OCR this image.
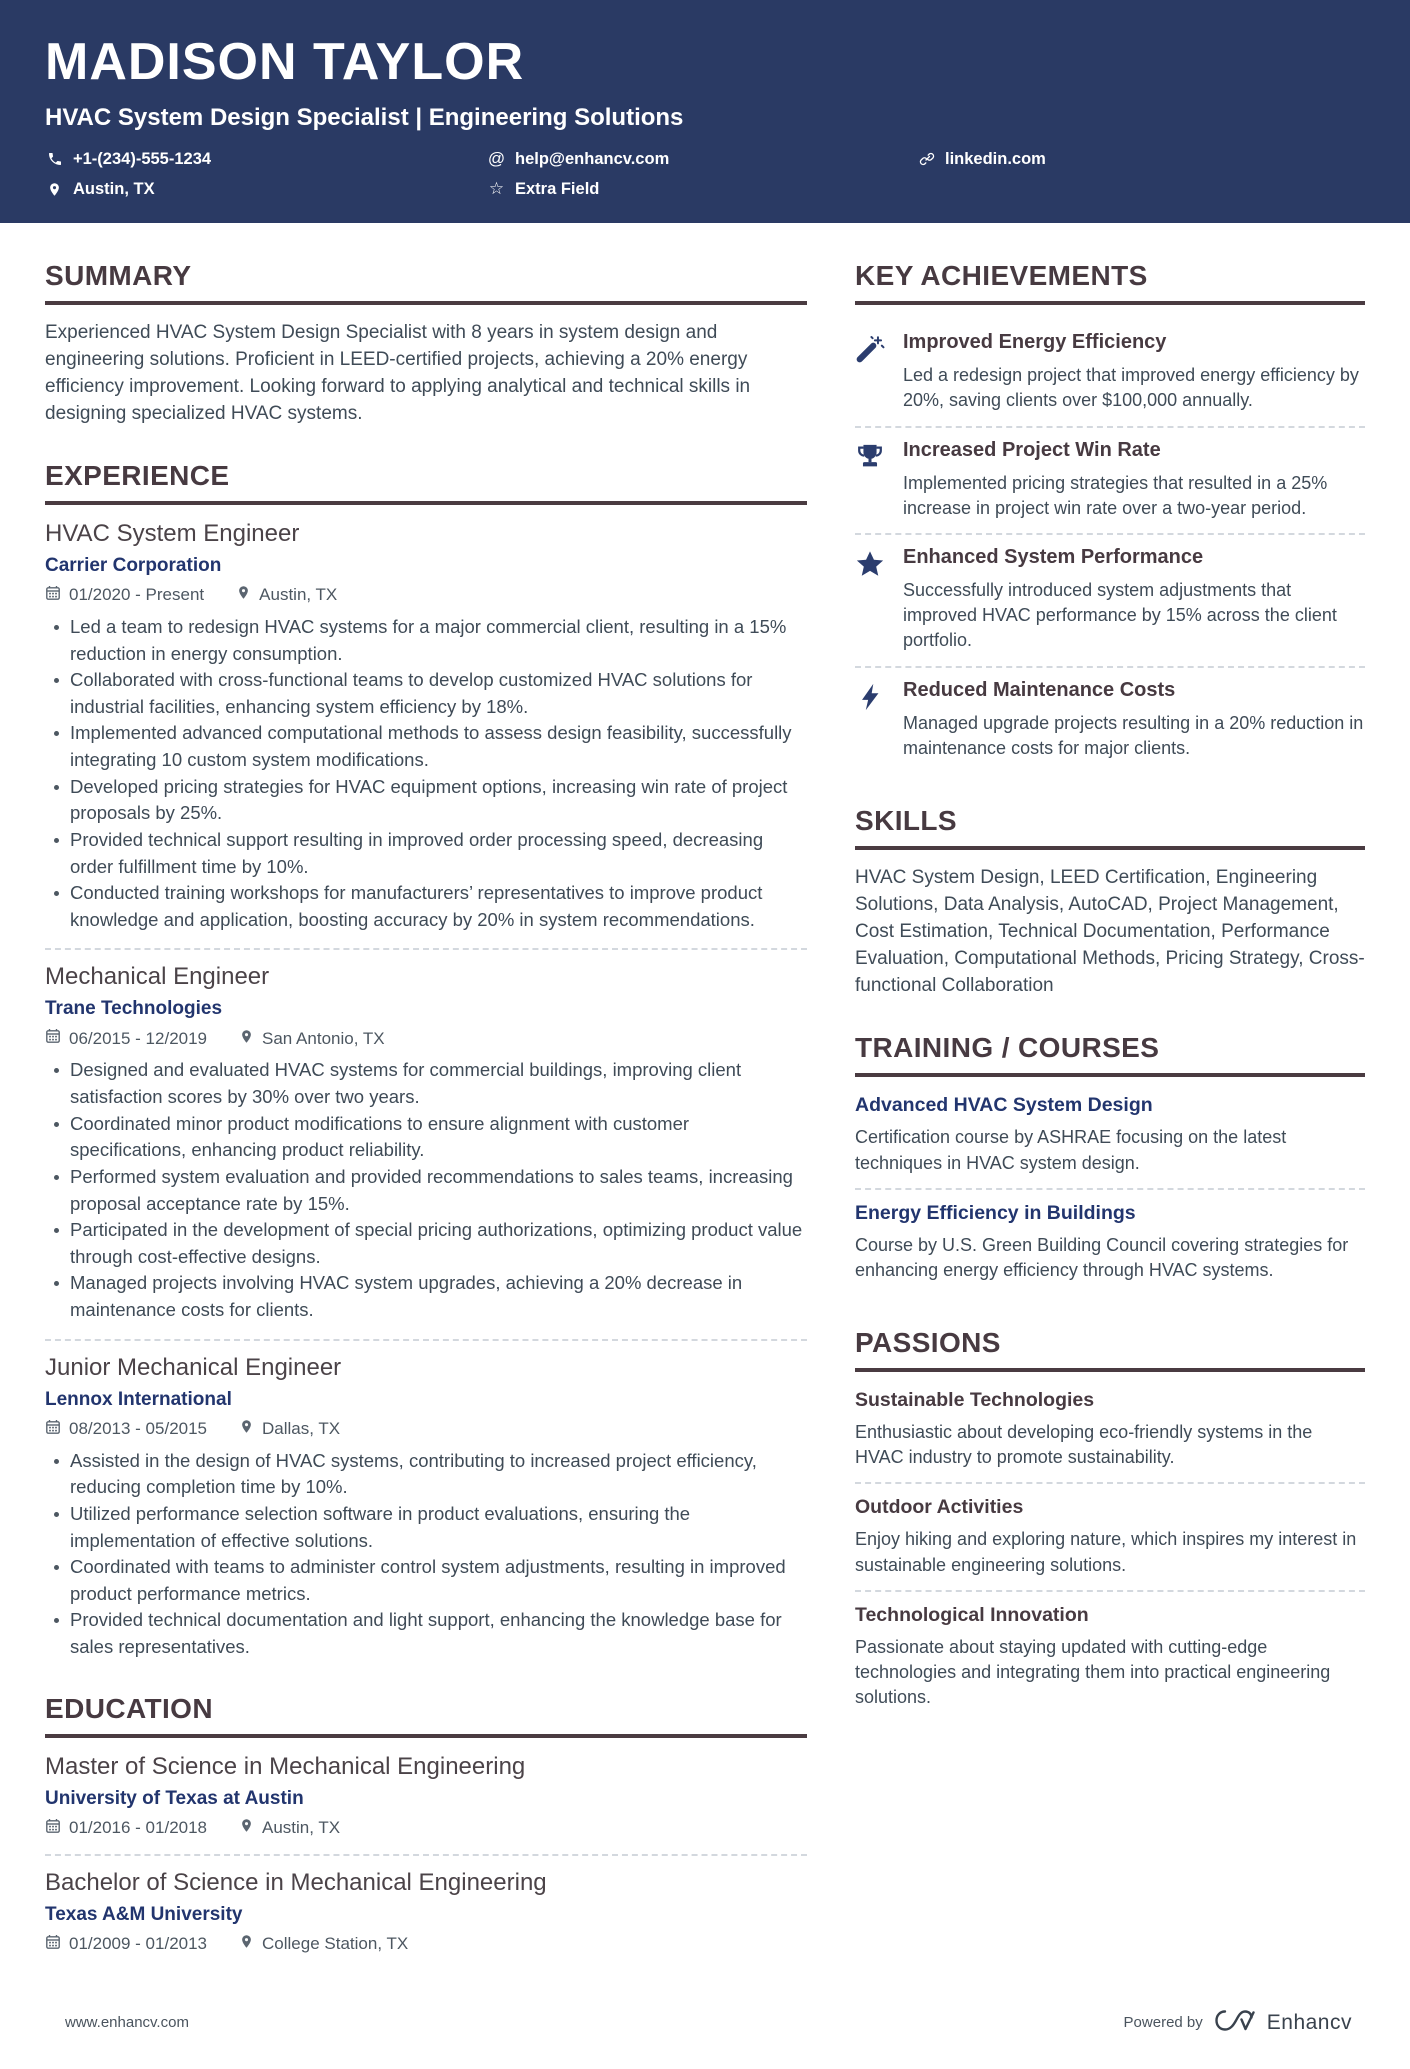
MADISON TAYLOR
HVAC System Design Specialist | Engineering Solutions
+1-(234)-555-1234	@ help@enhancv.com	linkedin.com
Austin, TX	☆ Extra Field
SUMMARY

Experienced HVAC System Design Specialist with 8 years in system design and engineering solutions. Proficient in LEED-certified projects, achieving a 20% energy efficiency improvement. Looking forward to applying analytical and technical skills in designing specialized HVAC systems.

EXPERIENCE
HVAC System Engineer
Carrier Corporation
01/2020 - Present	Austin, TX
Led a team to redesign HVAC systems for a major commercial client, resulting in a 15% reduction in energy consumption.
Collaborated with cross-functional teams to develop customized HVAC solutions for industrial facilities, enhancing system efficiency by 18%.
Implemented advanced computational methods to assess design feasibility, successfully integrating 10 custom system modifications.
Developed pricing strategies for HVAC equipment options, increasing win rate of project proposals by 25%.
Provided technical support resulting in improved order processing speed, decreasing order fulfillment time by 10%.
Conducted training workshops for manufacturers’ representatives to improve product knowledge and application, boosting accuracy by 20% in system recommendations.
Mechanical Engineer
Trane Technologies
06/2015 - 12/2019	San Antonio, TX
Designed and evaluated HVAC systems for commercial buildings, improving client satisfaction scores by 30% over two years.
Coordinated minor product modifications to ensure alignment with customer specifications, enhancing product reliability.
Performed system evaluation and provided recommendations to sales teams, increasing proposal acceptance rate by 15%.
Participated in the development of special pricing authorizations, optimizing product value through cost-effective designs.
Managed projects involving HVAC system upgrades, achieving a 20% decrease in maintenance costs for clients.
Junior Mechanical Engineer
Lennox International
08/2013 - 05/2015	Dallas, TX
Assisted in the design of HVAC systems, contributing to increased project efficiency, reducing completion time by 10%.
Utilized performance selection software in product evaluations, ensuring the implementation of effective solutions.
Coordinated with teams to administer control system adjustments, resulting in improved product performance metrics.
Provided technical documentation and light support, enhancing the knowledge base for sales representatives.
EDUCATION
Master of Science in Mechanical Engineering
University of Texas at Austin
01/2016 - 01/2018	Austin, TX
Bachelor of Science in Mechanical Engineering
Texas A&M University
01/2009 - 01/2013	College Station, TX
KEY ACHIEVEMENTS
Improved Energy Efficiency

Led a redesign project that improved energy efficiency by 20%, saving clients over $100,000 annually.

Increased Project Win Rate

Implemented pricing strategies that resulted in a 25% increase in project win rate over a two-year period.

Enhanced System Performance

Successfully introduced system adjustments that improved HVAC performance by 15% across the client portfolio.

Reduced Maintenance Costs

Managed upgrade projects resulting in a 20% reduction in maintenance costs for major clients.

SKILLS

HVAC System Design, LEED Certification, Engineering Solutions, Data Analysis, AutoCAD, Project Management, Cost Estimation, Technical Documentation, Performance Evaluation, Computational Methods, Pricing Strategy, Cross-functional Collaboration

TRAINING / COURSES
Advanced HVAC System Design

Certification course by ASHRAE focusing on the latest techniques in HVAC system design.

Energy Efficiency in Buildings

Course by U.S. Green Building Council covering strategies for enhancing energy efficiency through HVAC systems.

PASSIONS
Sustainable Technologies

Enthusiastic about developing eco-friendly systems in the HVAC industry to promote sustainability.

Outdoor Activities

Enjoy hiking and exploring nature, which inspires my interest in sustainable engineering solutions.

Technological Innovation

Passionate about staying updated with cutting-edge technologies and integrating them into practical engineering solutions.

www.enhancv.com	Powered by	Enhancv
